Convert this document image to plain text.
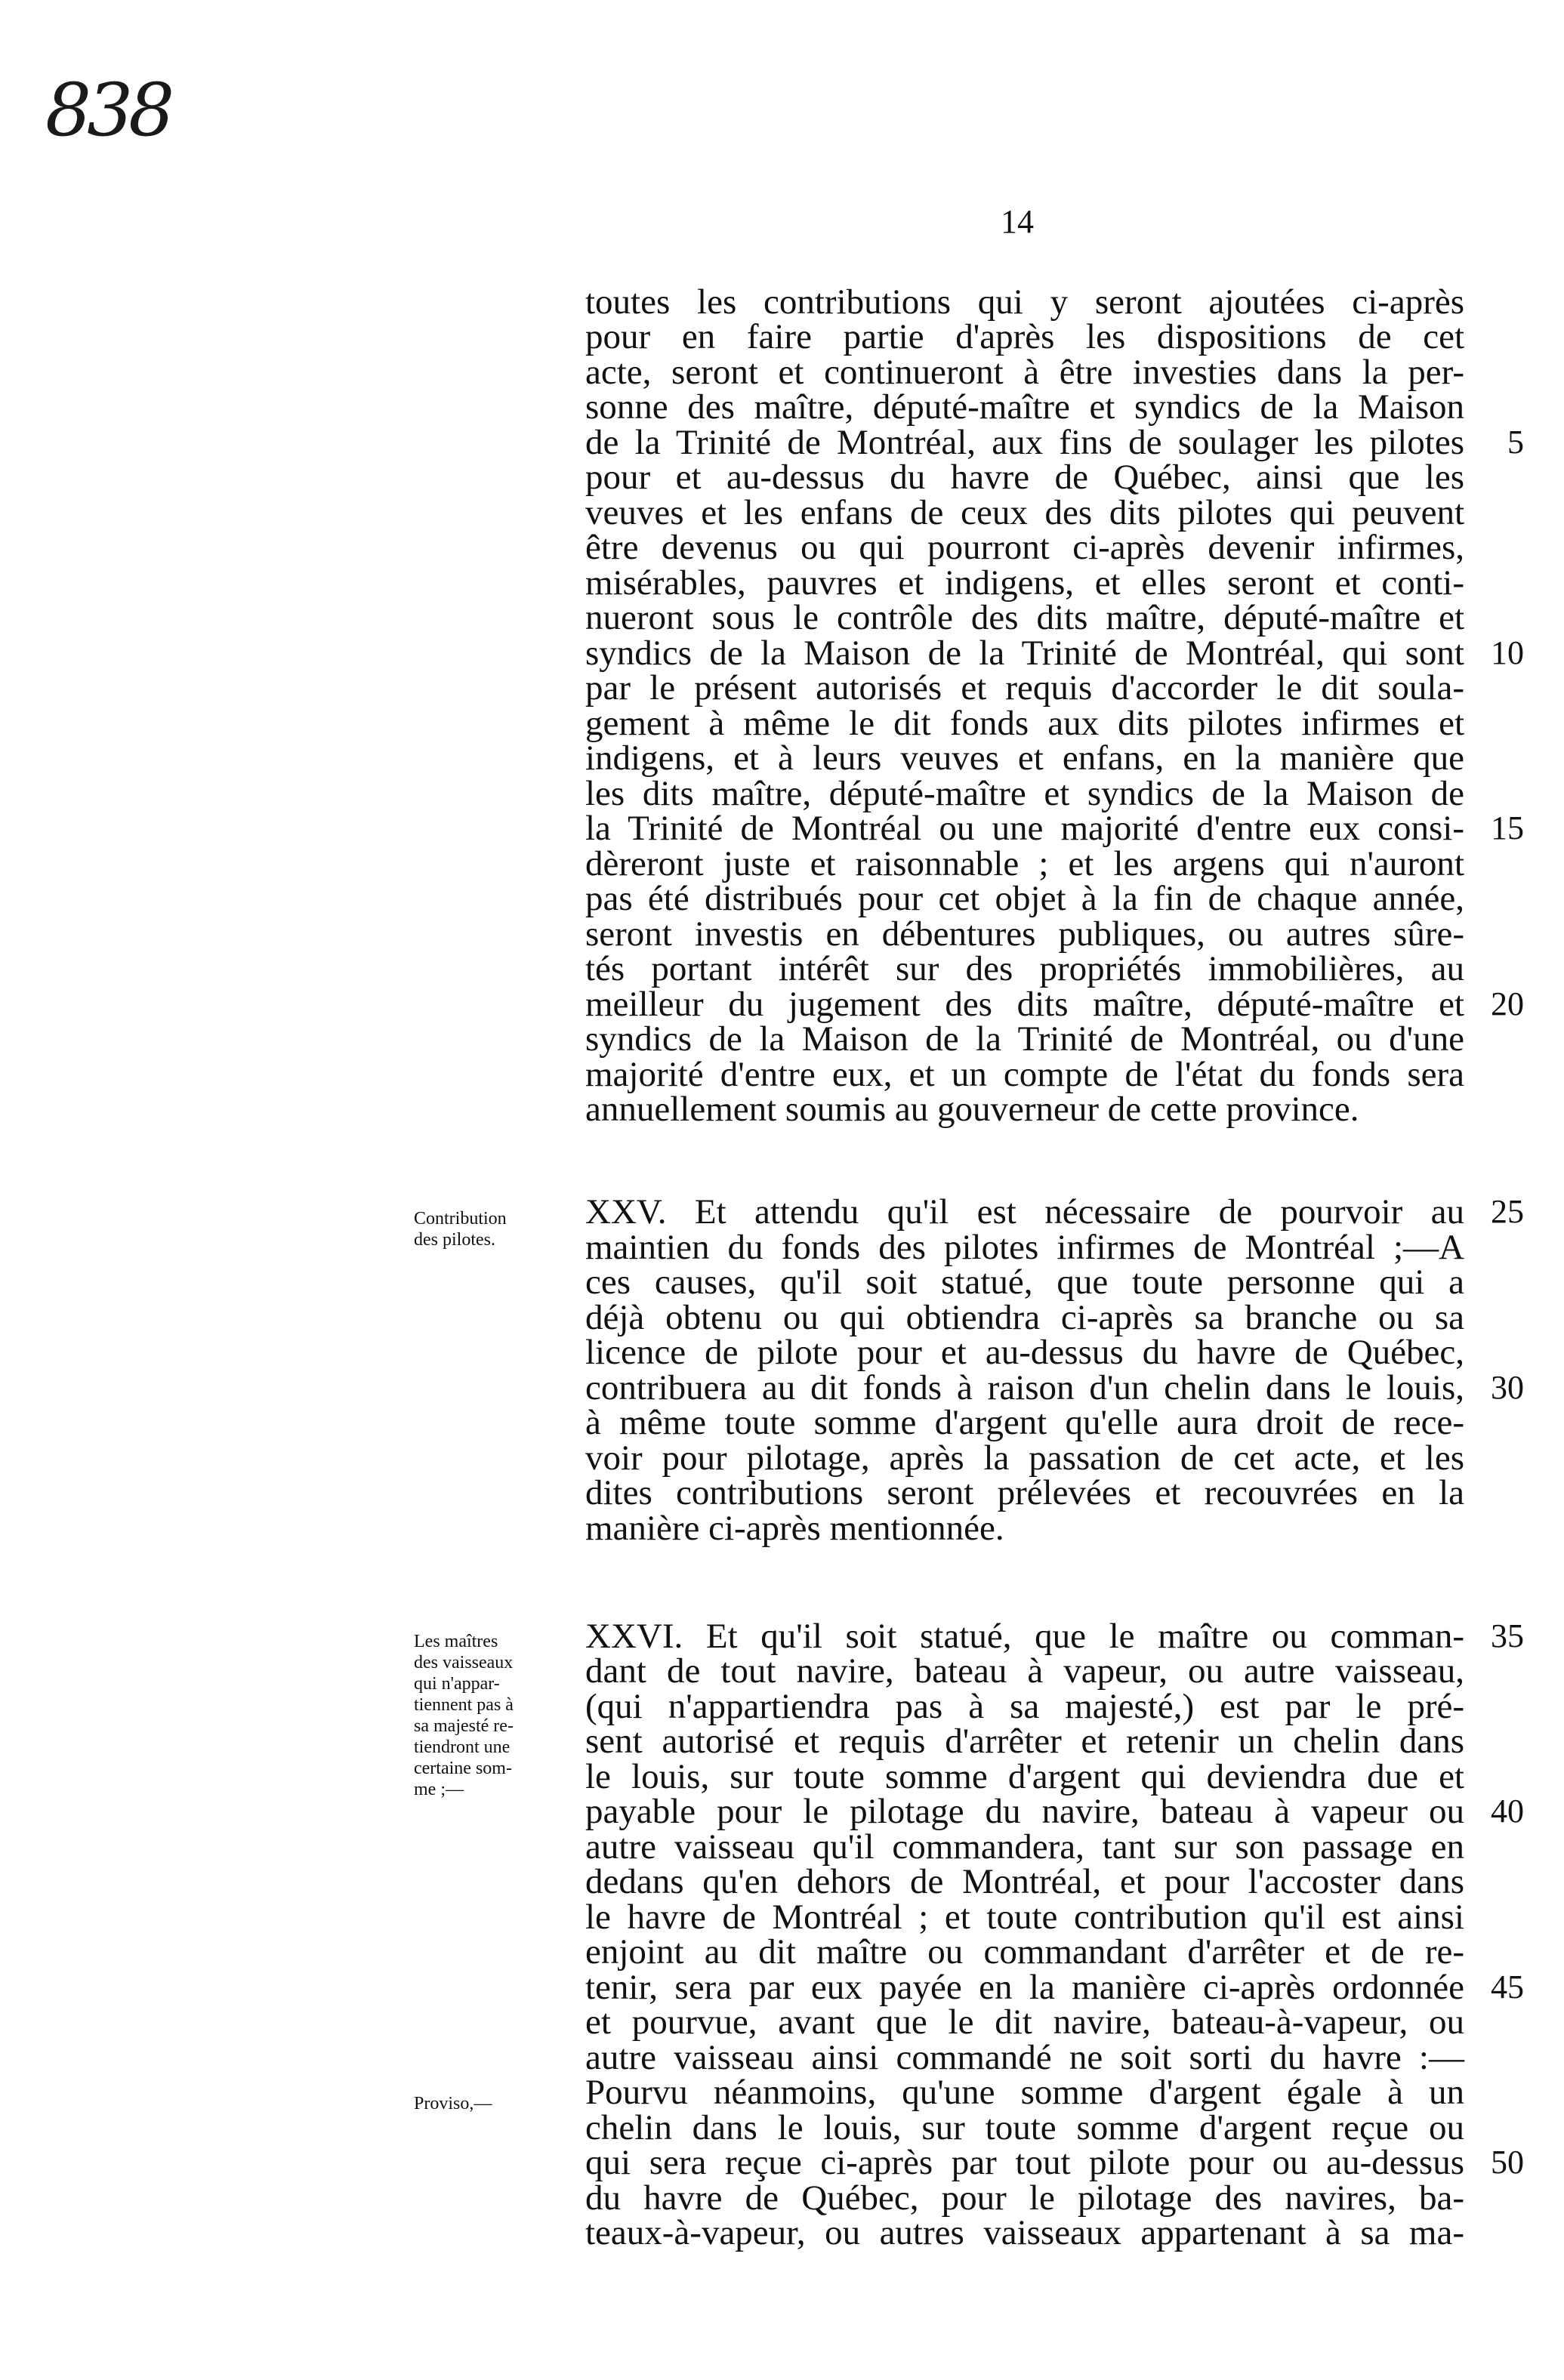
838
14
toutes les contributions qui y seront ajoutées ci-après
pour en faire partie d'après les dispositions de cet
acte, seront et continueront à être investies dans la per-
sonne des maître, député-maître et syndics de la Maison
de la Trinité de Montréal, aux fins de soulager les pilotes
pour et au-dessus du havre de Québec, ainsi que les
veuves et les enfans de ceux des dits pilotes qui peuvent
être devenus ou qui pourront ci-après devenir infirmes,
misérables, pauvres et indigens, et elles seront et conti-
nueront sous le contrôle des dits maître, député-maître et
syndics de la Maison de la Trinité de Montréal, qui sont
par le présent autorisés et requis d'accorder le dit soula-
gement à même le dit fonds aux dits pilotes infirmes et
indigens, et à leurs veuves et enfans, en la manière que
les dits maître, député-maître et syndics de la Maison de
la Trinité de Montréal ou une majorité d'entre eux consi-
dèreront juste et raisonnable ; et les argens qui n'auront
pas été distribués pour cet objet à la fin de chaque année,
seront investis en débentures publiques, ou autres sûre-
tés portant intérêt sur des propriétés immobilières, au
meilleur du jugement des dits maître, député-maître et
syndics de la Maison de la Trinité de Montréal, ou d'une
majorité d'entre eux, et un compte de l'état du fonds sera
annuellement soumis au gouverneur de cette province.
XXV. Et attendu qu'il est nécessaire de pourvoir au
maintien du fonds des pilotes infirmes de Montréal ;—A
ces causes, qu'il soit statué, que toute personne qui a
déjà obtenu ou qui obtiendra ci-après sa branche ou sa
licence de pilote pour et au-dessus du havre de Québec,
contribuera au dit fonds à raison d'un chelin dans le louis,
à même toute somme d'argent qu'elle aura droit de rece-
voir pour pilotage, après la passation de cet acte, et les
dites contributions seront prélevées et recouvrées en la
manière ci-après mentionnée.
XXVI. Et qu'il soit statué, que le maître ou comman-
dant de tout navire, bateau à vapeur, ou autre vaisseau,
(qui n'appartiendra pas à sa majesté,) est par le pré-
sent autorisé et requis d'arrêter et retenir un chelin dans
le louis, sur toute somme d'argent qui deviendra due et
payable pour le pilotage du navire, bateau à vapeur ou
autre vaisseau qu'il commandera, tant sur son passage en
dedans qu'en dehors de Montréal, et pour l'accoster dans
le havre de Montréal ; et toute contribution qu'il est ainsi
enjoint au dit maître ou commandant d'arrêter et de re-
tenir, sera par eux payée en la manière ci-après ordonnée
et pourvue, avant que le dit navire, bateau-à-vapeur, ou
autre vaisseau ainsi commandé ne soit sorti du havre :—
Pourvu néanmoins, qu'une somme d'argent égale à un
chelin dans le louis, sur toute somme d'argent reçue ou
qui sera reçue ci-après par tout pilote pour ou au-dessus
du havre de Québec, pour le pilotage des navires, ba-
teaux-à-vapeur, ou autres vaisseaux appartenant à sa ma-
5
10
15
20
25
30
35
40
45
50
Contribution
des pilotes.
Les maîtres
des vaisseaux
qui n'appar-
tiennent pas à
sa majesté re-
tiendront une
certaine som-
me ;—
Proviso,—
